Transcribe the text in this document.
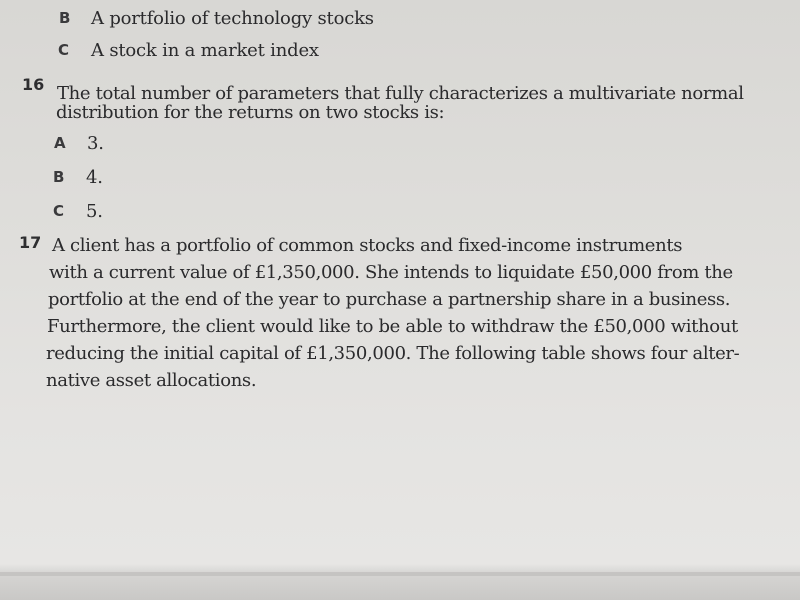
B A portfolio of technology stocks
C A stock in a market index
16 The total number of parameters that fully characterizes a multivariate normal
distribution for the returns on two stocks is:
A 3.
B 4.
C 5.
17 A client has a portfolio of common stocks and fixed-income instruments
with a current value of £1,350,000. She intends to liquidate £50,000 from the
portfolio at the end of the year to purchase a partnership share in a business.
Furthermore, the client would like to be able to withdraw the £50,000 without
reducing the initial capital of £1,350,000. The following table shows four alter-
native asset allocations.
